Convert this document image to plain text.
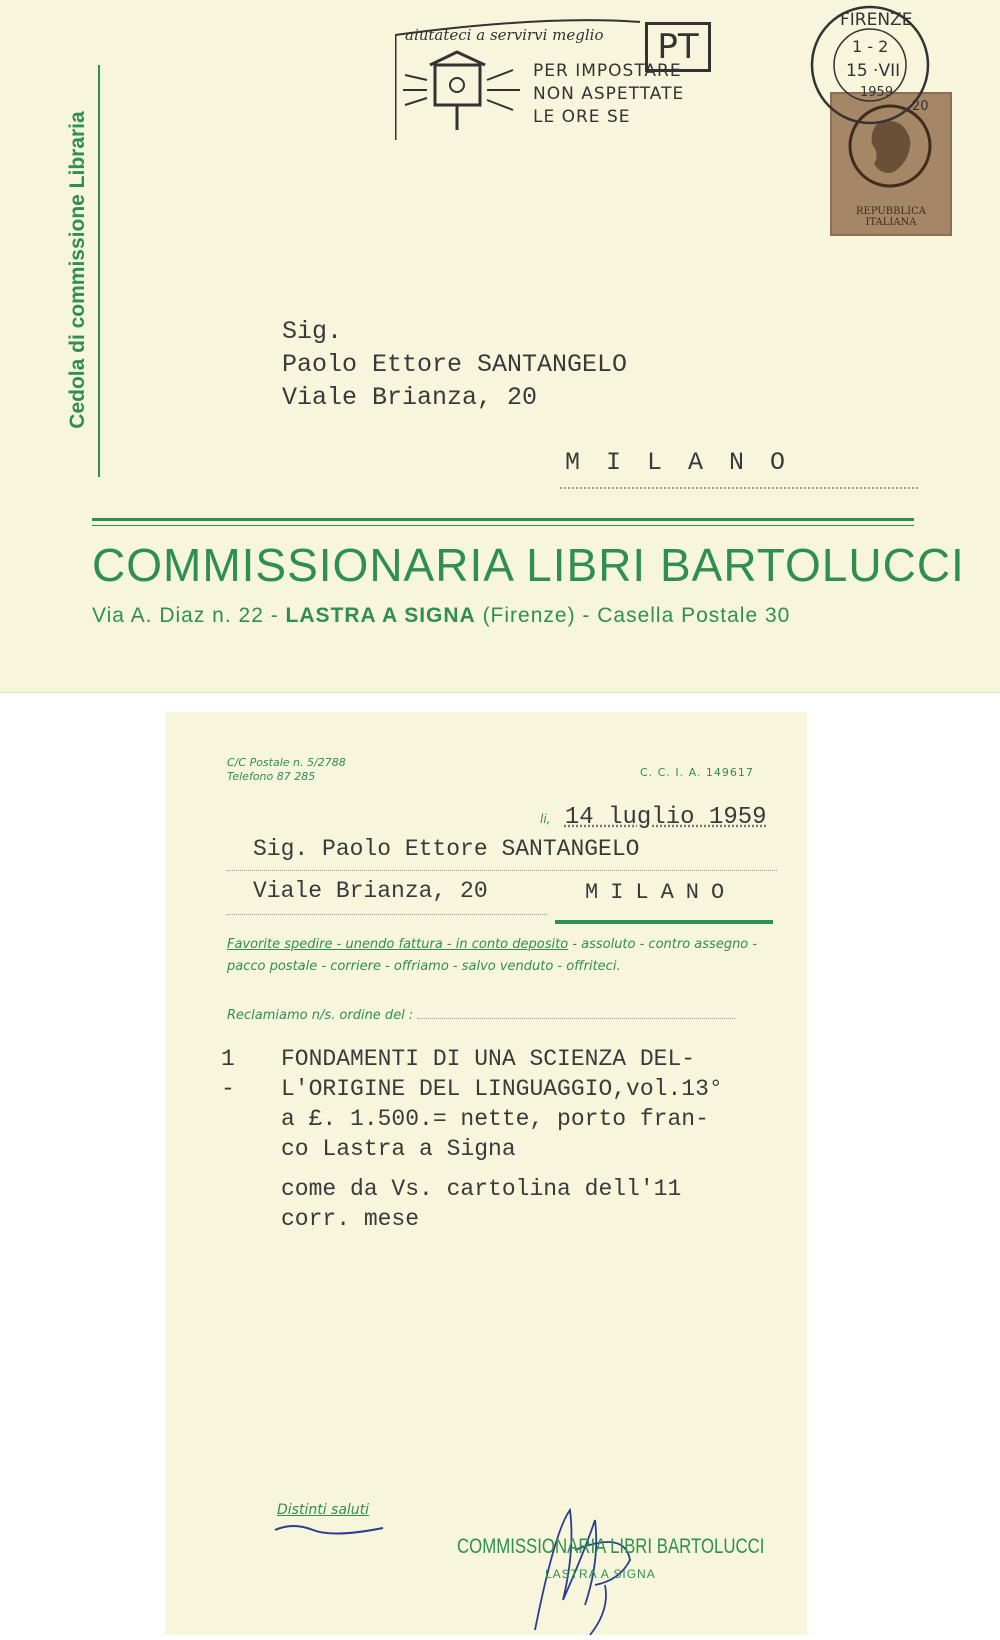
Cedola di commissione Libraria
aiutateci a servirvi meglio	PT
PER IMPOSTARE
NON ASPETTATE
LE ORE SE
REPUBBLICA ITALIANA
FIRENZE
1 - 2
15 ·VII
1959
20
Sig.
Paolo Ettore SANTANGELO
Viale Brianza, 20
MILANO
COMMISSIONARIA LIBRI BARTOLUCCI
Via A. Diaz n. 22 - LASTRA A SIGNA (Firenze) - Casella Postale 30
C/C Postale n. 5/2788
Telefono 87 285	C. C. I. A. 149617
li, 14 luglio 1959
Sig. Paolo Ettore SANTANGELO
Viale Brianza, 20	MILANO
Favorite spedire - unendo fattura - in conto deposito - assoluto - contro assegno - pacco postale - corriere - offriamo - salvo venduto - offriteci.
Reclamiamo n/s. ordine del :
1 -
FONDAMENTI DI UNA SCIENZA DEL-
L'ORIGINE DEL LINGUAGGIO,vol.13°
a £. 1.500.= nette, porto fran-
co Lastra a Signa
come da Vs. cartolina dell'11
corr. mese
Distinti saluti
COMMISSIONARIA LIBRI BARTOLUCCI
LASTRA A SIGNA
